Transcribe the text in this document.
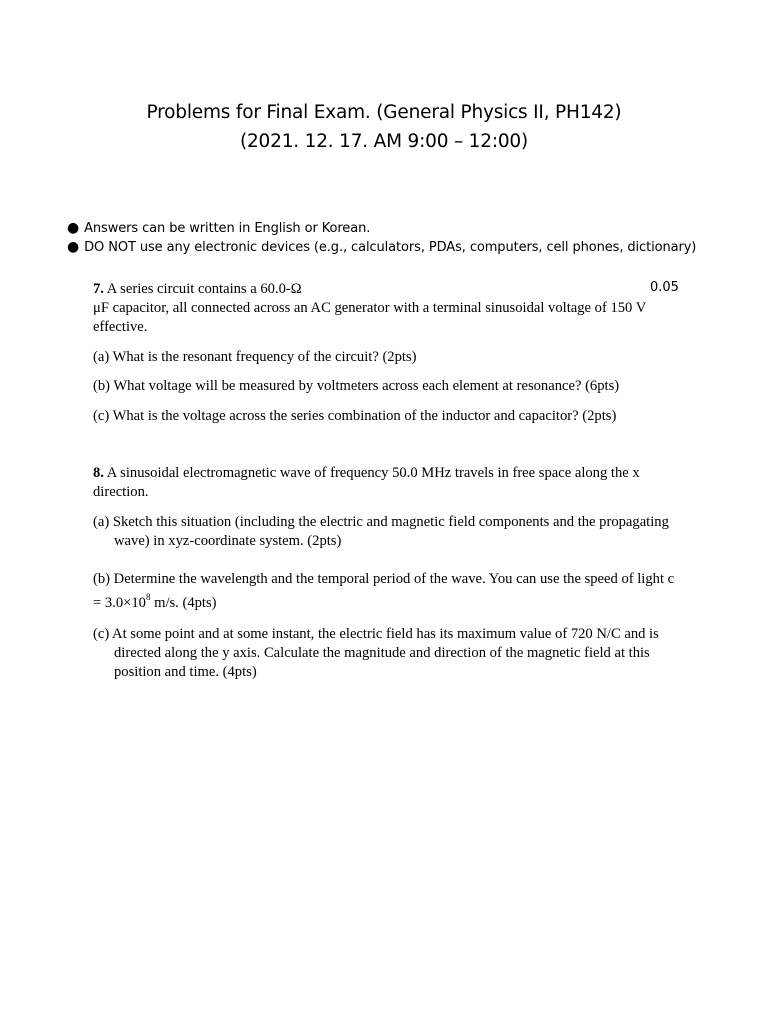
Problems for Final Exam. (General Physics II, PH142)
(2021. 12. 17. AM 9:00 – 12:00)
● Answers can be written in English or Korean.
● DO NOT use any electronic devices (e.g., calculators, PDAs, computers, cell phones, dictionary)
7. A series circuit contains a 60.0-Ω	0.05
μF capacitor, all connected across an AC generator with a terminal sinusoidal voltage of 150 V effective.
(a) What is the resonant frequency of the circuit? (2pts)
(b) What voltage will be measured by voltmeters across each element at resonance? (6pts)
(c) What is the voltage across the series combination of the inductor and capacitor? (2pts)
8. A sinusoidal electromagnetic wave of frequency 50.0 MHz travels in free space along the x direction.
(a) Sketch this situation (including the electric and magnetic field components and the propagating wave) in xyz-coordinate system. (2pts)
(b) Determine the wavelength and the temporal period of the wave. You can use the speed of light $c = 3.0\times 10^8$ m/s. (4pts)
(c) At some point and at some instant, the electric field has its maximum value of 720 N/C and is directed along the y axis. Calculate the magnitude and direction of the magnetic field at this position and time. (4pts)
